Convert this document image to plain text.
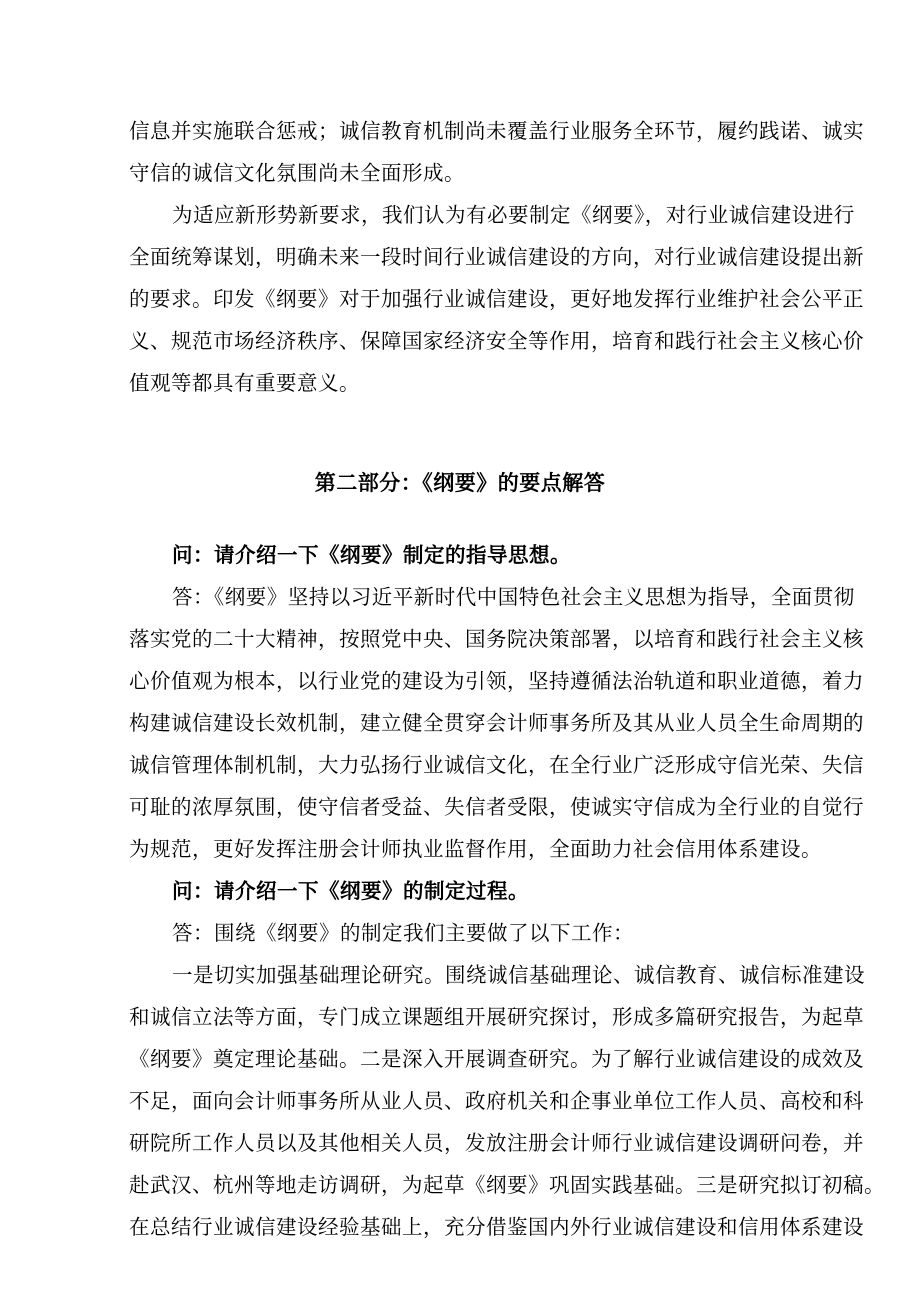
信息并实施联合惩戒；诚信教育机制尚未覆盖行业服务全环节，履约践诺、诚实
守信的诚信文化氛围尚未全面形成。
为适应新形势新要求，我们认为有必要制定《纲要》，对行业诚信建设进行
全面统筹谋划，明确未来一段时间行业诚信建设的方向，对行业诚信建设提出新
的要求。印发《纲要》对于加强行业诚信建设，更好地发挥行业维护社会公平正
义、规范市场经济秩序、保障国家经济安全等作用，培育和践行社会主义核心价
值观等都具有重要意义。
第二部分：《纲要》的要点解答
问：请介绍一下《纲要》制定的指导思想。
答：《纲要》坚持以习近平新时代中国特色社会主义思想为指导，全面贯彻
落实党的二十大精神，按照党中央、国务院决策部署，以培育和践行社会主义核
心价值观为根本，以行业党的建设为引领，坚持遵循法治轨道和职业道德，着力
构建诚信建设长效机制，建立健全贯穿会计师事务所及其从业人员全生命周期的
诚信管理体制机制，大力弘扬行业诚信文化，在全行业广泛形成守信光荣、失信
可耻的浓厚氛围，使守信者受益、失信者受限，使诚实守信成为全行业的自觉行
为规范，更好发挥注册会计师执业监督作用，全面助力社会信用体系建设。
问：请介绍一下《纲要》的制定过程。
答：围绕《纲要》的制定我们主要做了以下工作：
一是切实加强基础理论研究。围绕诚信基础理论、诚信教育、诚信标准建设
和诚信立法等方面，专门成立课题组开展研究探讨，形成多篇研究报告，为起草
《纲要》奠定理论基础。二是深入开展调查研究。为了解行业诚信建设的成效及
不足，面向会计师事务所从业人员、政府机关和企事业单位工作人员、高校和科
研院所工作人员以及其他相关人员，发放注册会计师行业诚信建设调研问卷，并
赴武汉、杭州等地走访调研，为起草《纲要》巩固实践基础。三是研究拟订初稿。
在总结行业诚信建设经验基础上，充分借鉴国内外行业诚信建设和信用体系建设
